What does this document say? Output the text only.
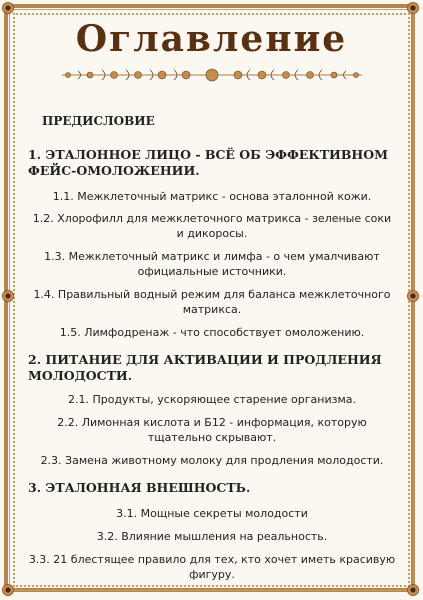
Оглавление

ПРЕДИСЛОВИЕ

1. ЭТАЛОННОЕ ЛИЦО - ВСЁ ОБ ЭФФЕКТИВНОМ ФЕЙС-ОМОЛОЖЕНИИ.

1.1. Межклеточный матрикс - основа эталонной кожи.

1.2. Хлорофилл для межклеточного матрикса - зеленые соки и дикоросы.

1.3. Межклеточный матрикс и лимфа - о чем умалчивают официальные источники.

1.4. Правильный водный режим для баланса межклеточного матрикса.

1.5. Лимфодренаж - что способствует омоложению.

2. ПИТАНИЕ ДЛЯ АКТИВАЦИИ И ПРОДЛЕНИЯ МОЛОДОСТИ.

2.1. Продукты, ускоряющее старение организма.

2.2. Лимонная кислота и Б12 - информация, которую тщательно скрывают.

2.3. Замена животному молоку для продления молодости.

3. ЭТАЛОННАЯ ВНЕШНОСТЬ.

3.1. Мощные секреты молодости

3.2. Влияние мышления на реальность.

3.3. 21 блестящее правило для тех, кто хочет иметь красивую фигуру.
